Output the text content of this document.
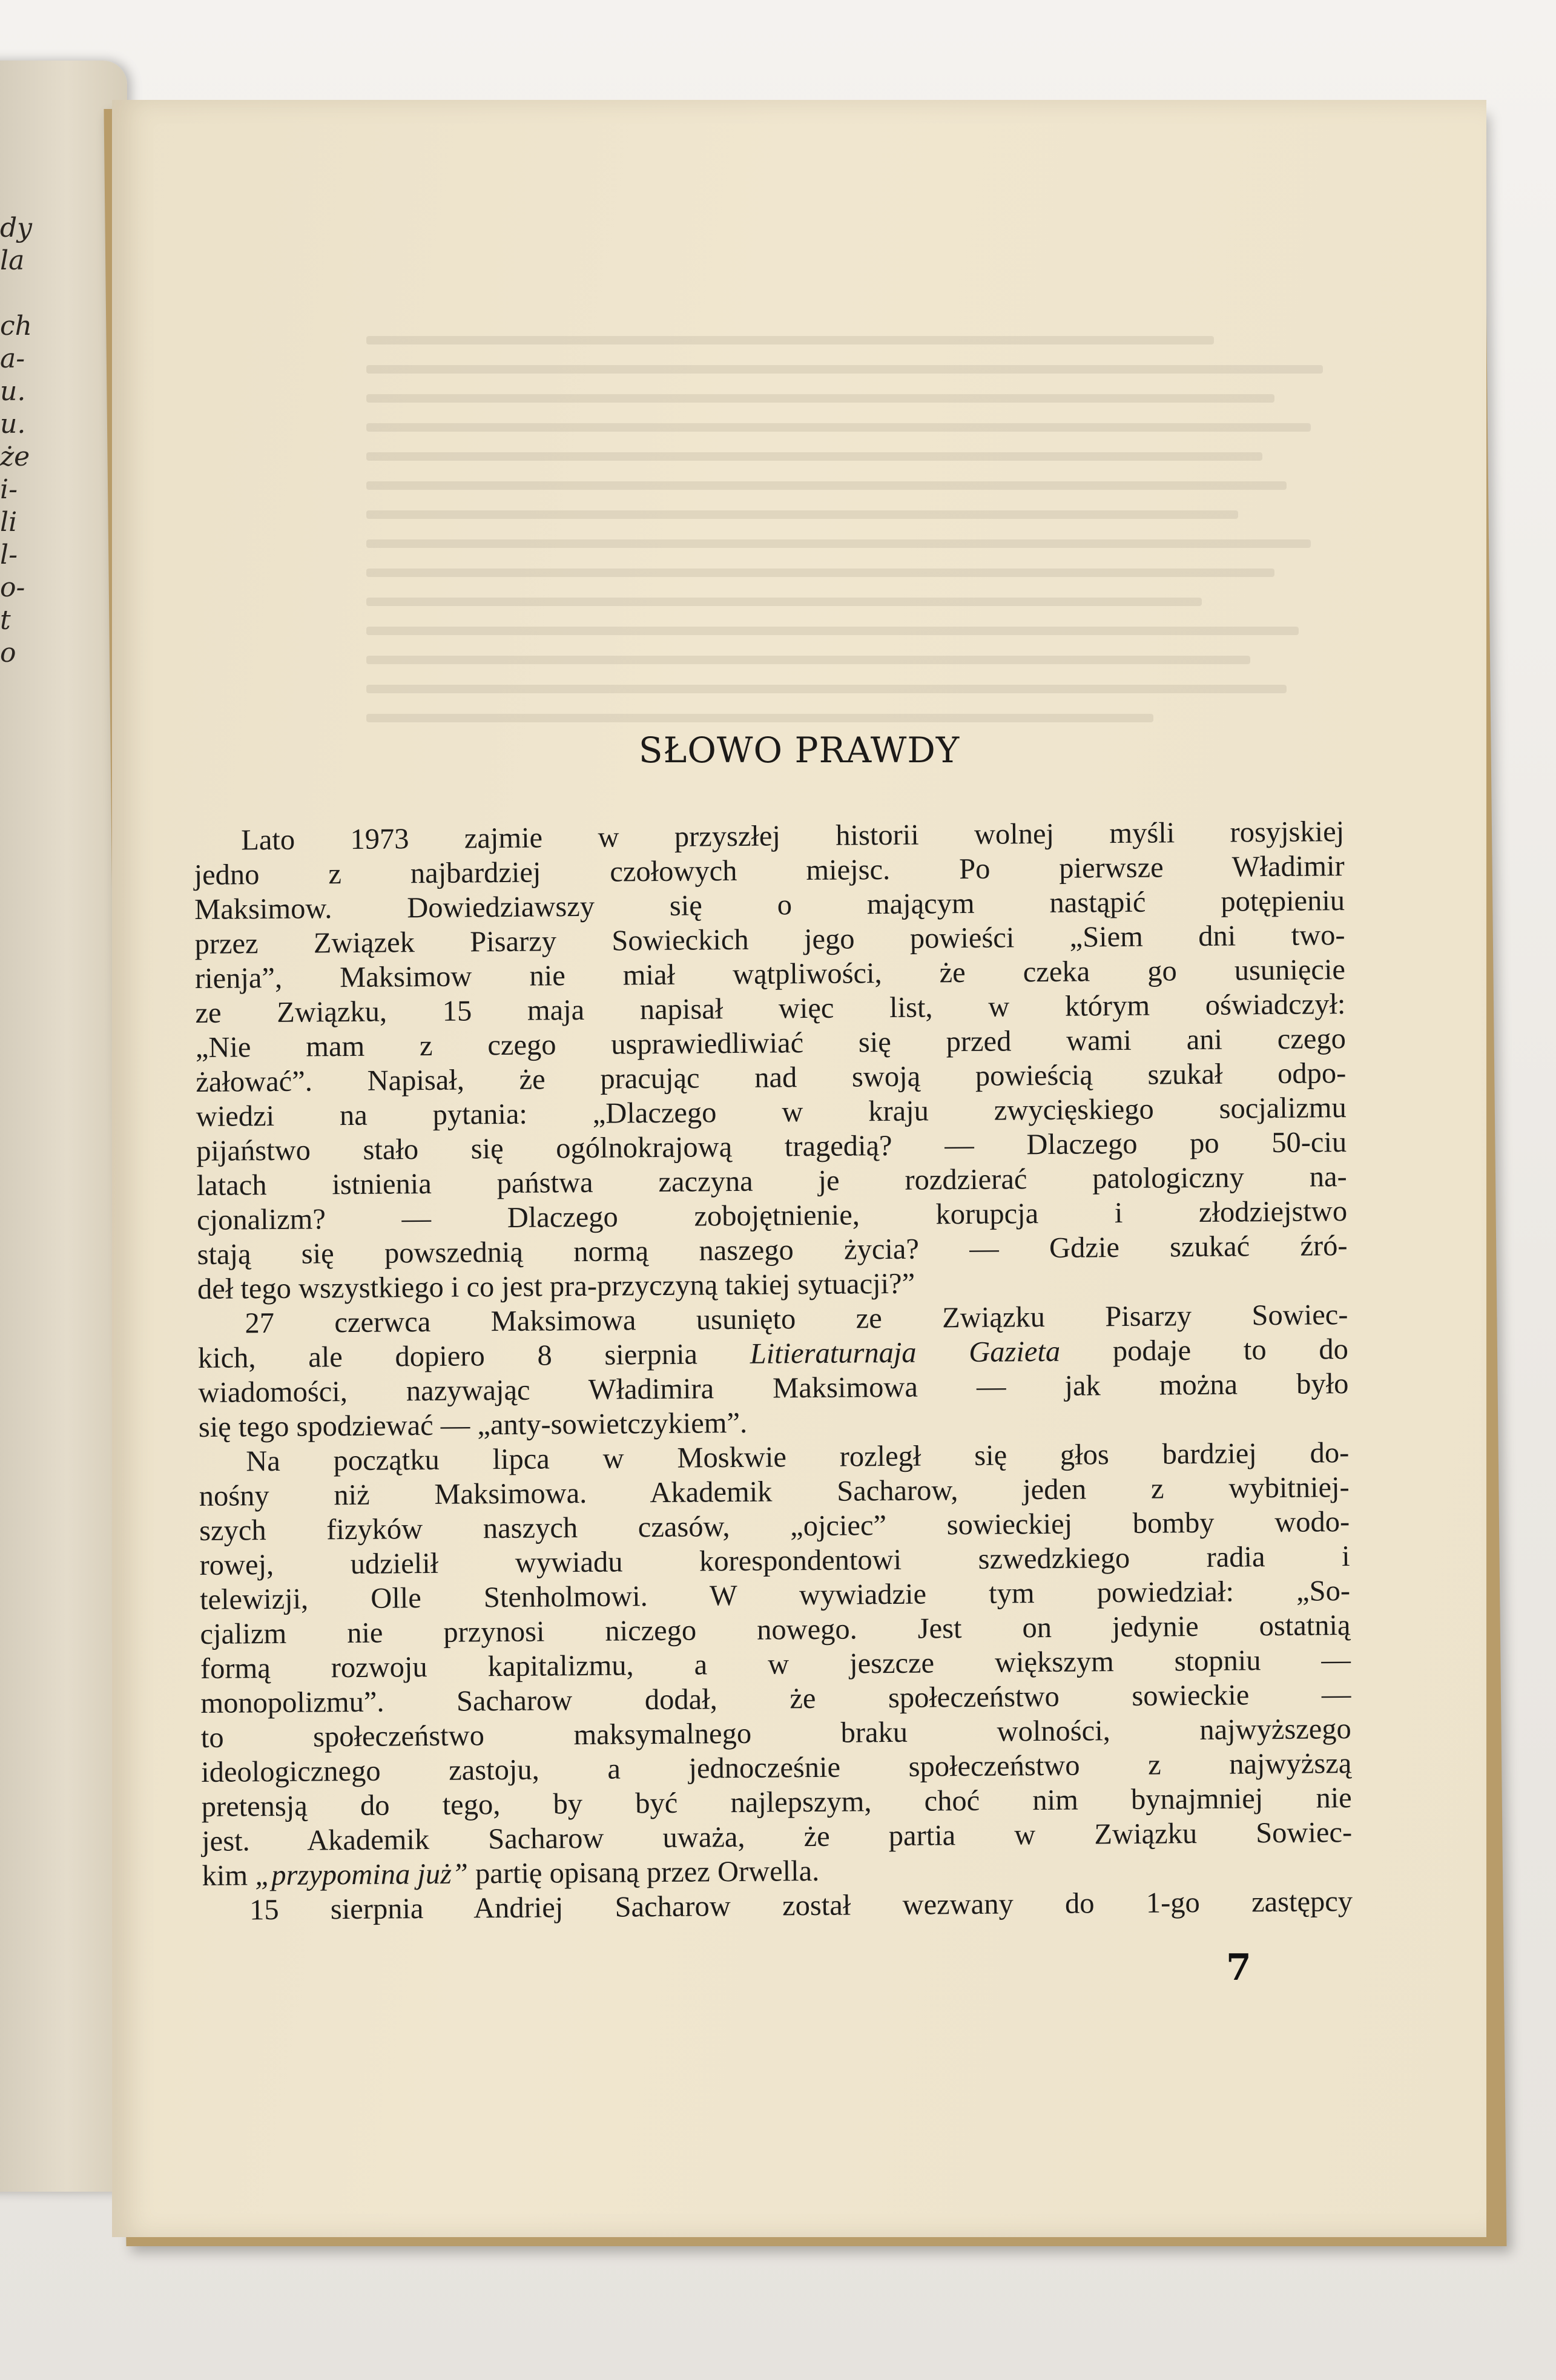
dy
la

ch
a-
u.
u.
że
i-
li
l-
o-
t
o
SŁOWO PRAWDY
Lato 1973 zajmie w przyszłej historii wolnej myśli rosyjskiej
jedno z najbardziej czołowych miejsc. Po pierwsze Władimir
Maksimow. Dowiedziawszy się o mającym nastąpić potępieniu
przez Związek Pisarzy Sowieckich jego powieści „Siem dni two-
rienja”, Maksimow nie miał wątpliwości, że czeka go usunięcie
ze Związku, 15 maja napisał więc list, w którym oświadczył:
„Nie mam z czego usprawiedliwiać się przed wami ani czego
żałować”. Napisał, że pracując nad swoją powieścią szukał odpo-
wiedzi na pytania: „Dlaczego w kraju zwycięskiego socjalizmu
pijaństwo stało się ogólnokrajową tragedią? — Dlaczego po 50-ciu
latach istnienia państwa zaczyna je rozdzierać patologiczny na-
cjonalizm? — Dlaczego zobojętnienie, korupcja i złodziejstwo
stają się powszednią normą naszego życia? — Gdzie szukać źró-
deł tego wszystkiego i co jest pra-przyczyną takiej sytuacji?”
27 czerwca Maksimowa usunięto ze Związku Pisarzy Sowiec-
kich, ale dopiero 8 sierpnia Litieraturnaja Gazieta podaje to do
wiadomości, nazywając Władimira Maksimowa — jak można było
się tego spodziewać — „anty-sowietczykiem”.
Na początku lipca w Moskwie rozległ się głos bardziej do-
nośny niż Maksimowa. Akademik Sacharow, jeden z wybitniej-
szych fizyków naszych czasów, „ojciec” sowieckiej bomby wodo-
rowej, udzielił wywiadu korespondentowi szwedzkiego radia i
telewizji, Olle Stenholmowi. W wywiadzie tym powiedział: „So-
cjalizm nie przynosi niczego nowego. Jest on jedynie ostatnią
formą rozwoju kapitalizmu, a w jeszcze większym stopniu —
monopolizmu”. Sacharow dodał, że społeczeństwo sowieckie —
to społeczeństwo maksymalnego braku wolności, najwyższego
ideologicznego zastoju, a jednocześnie społeczeństwo z najwyższą
pretensją do tego, by być najlepszym, choć nim bynajmniej nie
jest. Akademik Sacharow uważa, że partia w Związku Sowiec-
kim „przypomina już” partię opisaną przez Orwella.
15 sierpnia Andriej Sacharow został wezwany do 1-go zastępcy
7
